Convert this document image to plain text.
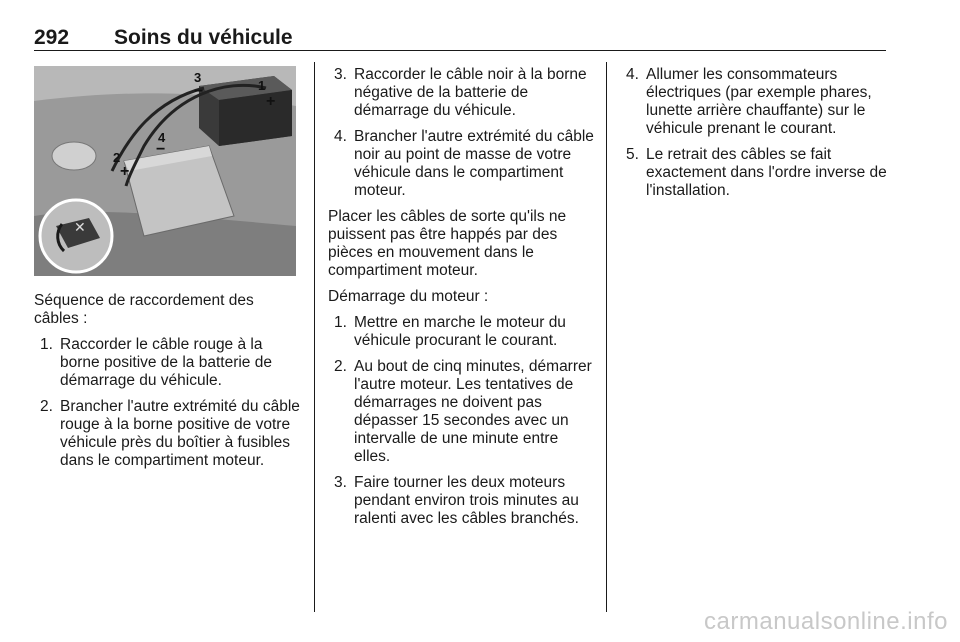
292 Soins du véhicule
✕
+
−
+
−
1
2
3
4

Séquence de raccordement des câbles :

1. Raccorder le câble rouge à la borne positive de la batterie de démarrage du véhicule.
2. Brancher l'autre extrémité du câble rouge à la borne positive de votre véhicule près du boîtier à fusibles dans le compartiment moteur.
3. Raccorder le câble noir à la borne négative de la batterie de démarrage du véhicule.
4. Brancher l'autre extrémité du câble noir au point de masse de votre véhicule dans le compartiment moteur.

Placer les câbles de sorte qu'ils ne puissent pas être happés par des pièces en mouvement dans le compartiment moteur.

Démarrage du moteur :

1. Mettre en marche le moteur du véhicule procurant le courant.
2. Au bout de cinq minutes, démarrer l'autre moteur. Les tentatives de démarrages ne doivent pas dépasser 15 secondes avec un intervalle de une minute entre elles.
3. Faire tourner les deux moteurs pendant environ trois minutes au ralenti avec les câbles branchés.
4. Allumer les consommateurs électriques (par exemple phares, lunette arrière chauffante) sur le véhicule prenant le courant.
5. Le retrait des câbles se fait exactement dans l'ordre inverse de l'installation.
carmanualsonline.info
